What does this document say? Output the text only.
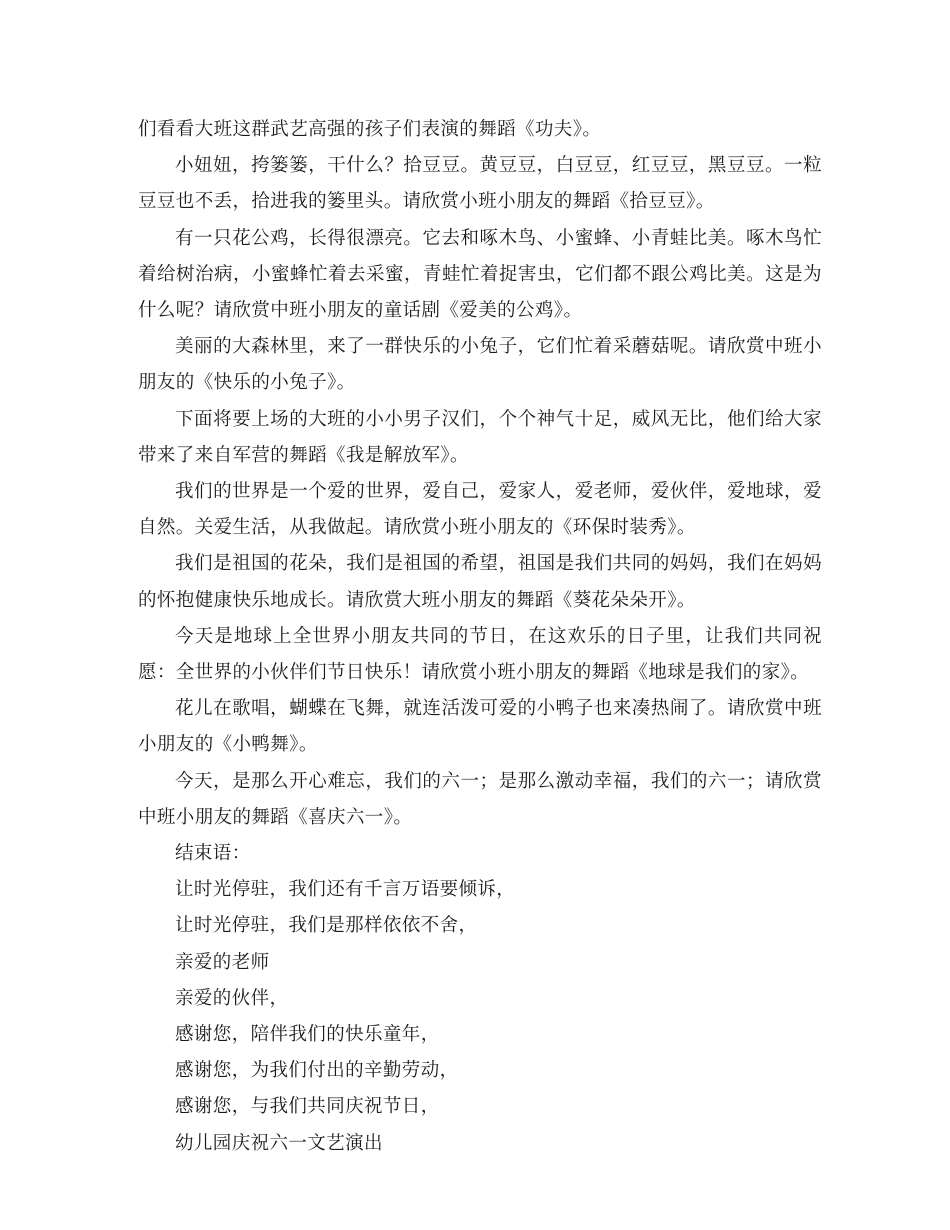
们看看大班这群武艺高强的孩子们表演的舞蹈《功夫》。

小妞妞，挎篓篓，干什么？拾豆豆。黄豆豆，白豆豆，红豆豆，黑豆豆。一粒豆豆也不丢，拾进我的篓里头。请欣赏小班小朋友的舞蹈《拾豆豆》。

有一只花公鸡，长得很漂亮。它去和啄木鸟、小蜜蜂、小青蛙比美。啄木鸟忙着给树治病，小蜜蜂忙着去采蜜，青蛙忙着捉害虫，它们都不跟公鸡比美。这是为什么呢？请欣赏中班小朋友的童话剧《爱美的公鸡》。

美丽的大森林里，来了一群快乐的小兔子，它们忙着采蘑菇呢。请欣赏中班小朋友的《快乐的小兔子》。

下面将要上场的大班的小小男子汉们，个个神气十足，威风无比，他们给大家带来了来自军营的舞蹈《我是解放军》。

我们的世界是一个爱的世界，爱自己，爱家人，爱老师，爱伙伴，爱地球，爱自然。关爱生活，从我做起。请欣赏小班小朋友的《环保时装秀》。

我们是祖国的花朵，我们是祖国的希望，祖国是我们共同的妈妈，我们在妈妈的怀抱健康快乐地成长。请欣赏大班小朋友的舞蹈《葵花朵朵开》。

今天是地球上全世界小朋友共同的节日，在这欢乐的日子里，让我们共同祝愿：全世界的小伙伴们节日快乐！请欣赏小班小朋友的舞蹈《地球是我们的家》。

花儿在歌唱，蝴蝶在飞舞，就连活泼可爱的小鸭子也来凑热闹了。请欣赏中班小朋友的《小鸭舞》。

今天，是那么开心难忘，我们的六一；是那么激动幸福，我们的六一；请欣赏中班小朋友的舞蹈《喜庆六一》。

结束语：
让时光停驻，我们还有千言万语要倾诉，
让时光停驻，我们是那样依依不舍，
亲爱的老师
亲爱的伙伴，
感谢您，陪伴我们的快乐童年，
感谢您，为我们付出的辛勤劳动，
感谢您，与我们共同庆祝节日，
幼儿园庆祝六一文艺演出
